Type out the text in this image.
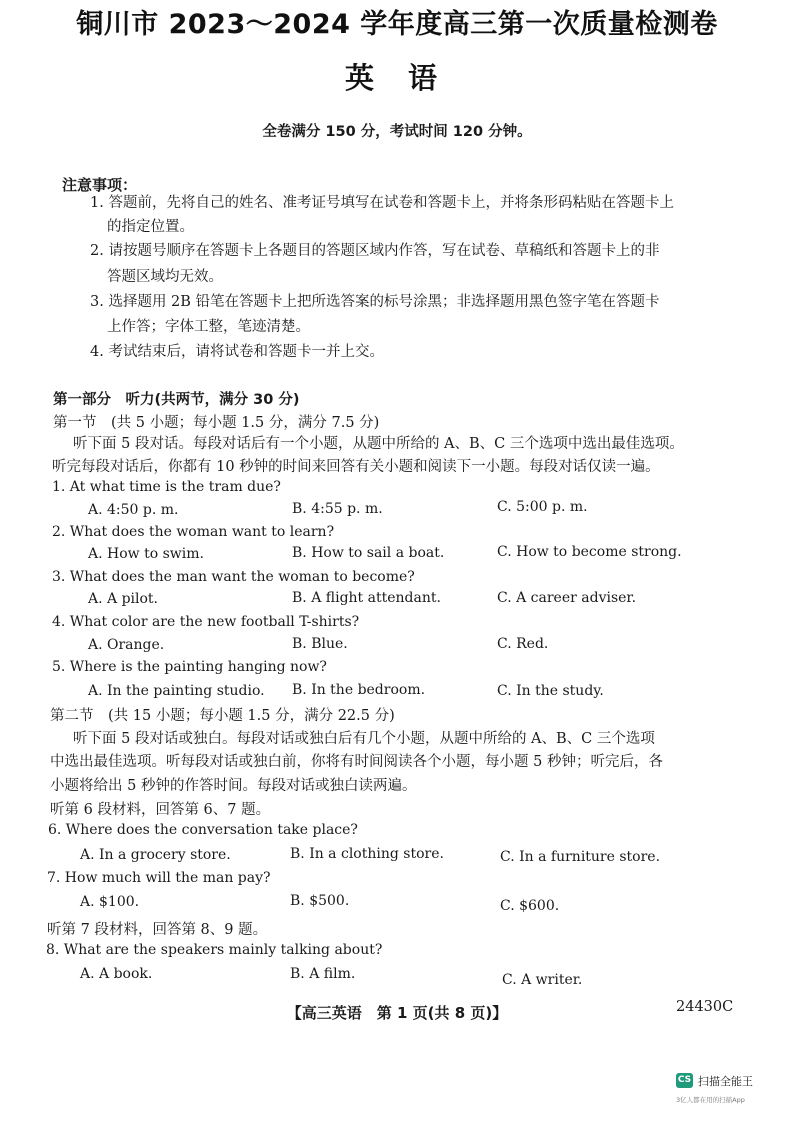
铜川市 2023～2024 学年度高三第一次质量检测卷
英 语
全卷满分 150 分，考试时间 120 分钟。
注意事项：
1. 答题前，先将自己的姓名、准考证号填写在试卷和答题卡上，并将条形码粘贴在答题卡上
的指定位置。
2. 请按题号顺序在答题卡上各题目的答题区域内作答，写在试卷、草稿纸和答题卡上的非
答题区域均无效。
3. 选择题用 2B 铅笔在答题卡上把所选答案的标号涂黑；非选择题用黑色签字笔在答题卡
上作答；字体工整，笔迹清楚。
4. 考试结束后，请将试卷和答题卡一并上交。
第一部分　听力(共两节，满分 30 分)
第一节　(共 5 小题；每小题 1.5 分，满分 7.5 分)
听下面 5 段对话。每段对话后有一个小题，从题中所给的 A、B、C 三个选项中选出最佳选项。
听完每段对话后，你都有 10 秒钟的时间来回答有关小题和阅读下一小题。每段对话仅读一遍。
1. At what time is the tram due?
A. 4:50 p. m.	B. 4:55 p. m.	C. 5:00 p. m.
2. What does the woman want to learn?
A. How to swim.	B. How to sail a boat.	C. How to become strong.
3. What does the man want the woman to become?
A. A pilot.	B. A flight attendant.	C. A career adviser.
4. What color are the new football T-shirts?
A. Orange.	B. Blue.	C. Red.
5. Where is the painting hanging now?
A. In the painting studio. B. In the bedroom.	C. In the study.
第二节　(共 15 小题；每小题 1.5 分，满分 22.5 分)
听下面 5 段对话或独白。每段对话或独白后有几个小题，从题中所给的 A、B、C 三个选项
中选出最佳选项。听每段对话或独白前，你将有时间阅读各个小题，每小题 5 秒钟；听完后，各
小题将给出 5 秒钟的作答时间。每段对话或独白读两遍。
听第 6 段材料，回答第 6、7 题。
6. Where does the conversation take place?
A. In a grocery store.	B. In a clothing store.	C. In a furniture store.
7. How much will the man pay?
A. $100.	B. $500.	C. $600.
听第 7 段材料，回答第 8、9 题。
8. What are the speakers mainly talking about?
A. A book.	B. A film.	C. A writer.
【高三英语　第 1 页(共 8 页)】	24430C
CS 扫描全能王
3亿人都在用的扫描App
